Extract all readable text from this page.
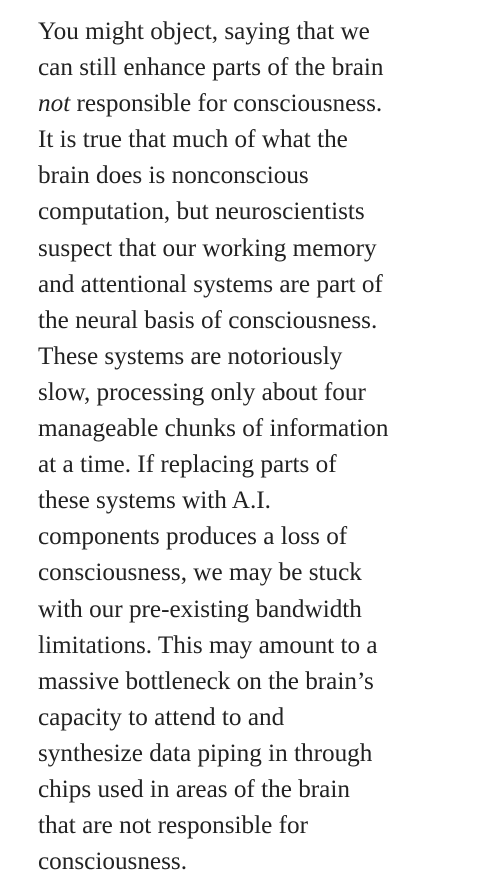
You might object, saying that we
can still enhance parts of the brain
not responsible for consciousness.
It is true that much of what the
brain does is nonconscious
computation, but neuroscientists
suspect that our working memory
and attentional systems are part of
the neural basis of consciousness.
These systems are notoriously
slow, processing only about four
manageable chunks of information
at a time. If replacing parts of
these systems with A.I.
components produces a loss of
consciousness, we may be stuck
with our pre-existing bandwidth
limitations. This may amount to a
massive bottleneck on the brain’s
capacity to attend to and
synthesize data piping in through
chips used in areas of the brain
that are not responsible for
consciousness.
